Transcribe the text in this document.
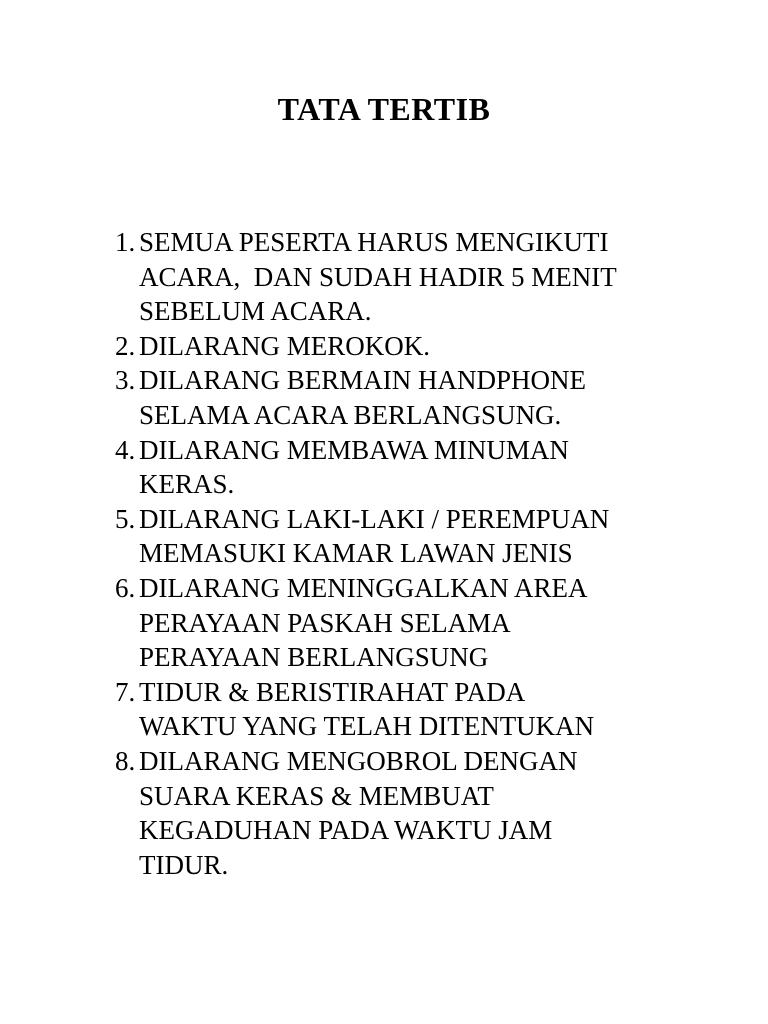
TATA TERTIB
1. SEMUA PESERTA HARUS MENGIKUTI
ACARA,  DAN SUDAH HADIR 5 MENIT
SEBELUM ACARA.
2. DILARANG MEROKOK.
3. DILARANG BERMAIN HANDPHONE
SELAMA ACARA BERLANGSUNG.
4. DILARANG MEMBAWA MINUMAN
KERAS.
5. DILARANG LAKI-LAKI / PEREMPUAN
MEMASUKI KAMAR LAWAN JENIS
6. DILARANG MENINGGALKAN AREA
PERAYAAN PASKAH SELAMA
PERAYAAN BERLANGSUNG
7. TIDUR & BERISTIRAHAT PADA
WAKTU YANG TELAH DITENTUKAN
8. DILARANG MENGOBROL DENGAN
SUARA KERAS & MEMBUAT
KEGADUHAN PADA WAKTU JAM
TIDUR.
